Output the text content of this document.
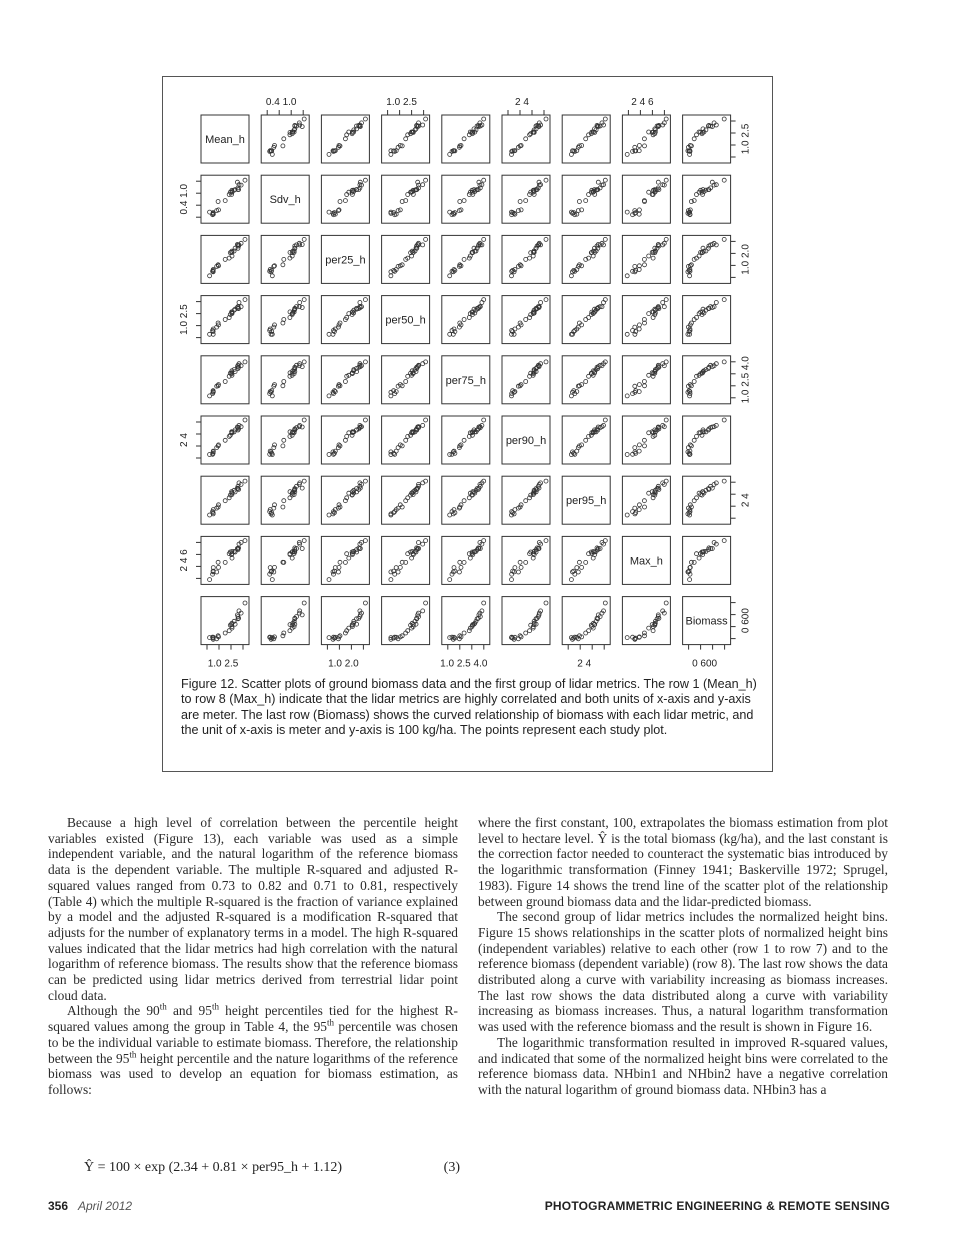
Mean_h
Sdv_h
per25_h
per50_h
per75_h
per90_h
per95_h
Max_h
Biomass
0.4 1.0	1.0 2.5	2 4	2 4 6
1.0 2.5	1.0 2.0	1.0 2.5 4.0	2 4	0 600
0.4 1.0
1.0 2.5
2 4
2 4 6
1.0 2.5
1.0 2.0
1.0 2.5 4.0
2 4
0 600
Figure 12. Scatter plots of ground biomass data and the first group of lidar metrics. The row 1 (Mean_h) to row 8 (Max_h) indicate that the lidar metrics are highly correlated and both units of x-axis and y-axis are meter. The last row (Biomass) shows the curved relationship of biomass with each lidar metric, and the unit of x-axis is meter and y-axis is 100 kg/ha. The points represent each study plot.

Because a high level of correlation between the percentile height variables existed (Figure 13), each variable was used as a simple independent variable, and the natural logarithm of the reference biomass data is the dependent variable. The multiple R-squared and adjusted R-squared values ranged from 0.73 to 0.82 and 0.71 to 0.81, respectively (Table 4) which the multiple R-squared is the fraction of variance explained by a model and the adjusted R-squared is a modification R-squared that adjusts for the number of explanatory terms in a model. The high R-squared values indicated that the lidar metrics had high correlation with the natural logarithm of reference biomass. The results show that the reference biomass can be predicted using lidar metrics derived from terrestrial lidar point cloud data.

Although the 90th and 95th height percentiles tied for the highest R-squared values among the group in Table 4, the 95th percentile was chosen to be the individual variable to estimate biomass. Therefore, the relationship between the 95th height percentile and the nature logarithms of the reference biomass was used to develop an equation for biomass estimation, as follows:

Ŷ = 100 × exp (2.34 + 0.81 × per95_h + 1.12)	(3)

where the first constant, 100, extrapolates the biomass estimation from plot level to hectare level. Ŷ is the total biomass (kg/ha), and the last constant is the correction factor needed to counteract the systematic bias introduced by the logarithmic transformation (Finney 1941; Baskerville 1972; Sprugel, 1983). Figure 14 shows the trend line of the scatter plot of the relationship between ground biomass data and the lidar-predicted biomass.

The second group of lidar metrics includes the normalized height bins. Figure 15 shows relationships in the scatter plots of normalized height bins (independent variables) relative to each other (row 1 to row 7) and to the reference biomass (dependent variable) (row 8). The last row shows the data distributed along a curve with variability increasing as biomass increases. The last row shows the data distributed along a curve with variability increasing as biomass increases. Thus, a natural logarithm transformation was used with the reference biomass and the result is shown in Figure 16.

The logarithmic transformation resulted in improved R-squared values, and indicated that some of the normalized height bins were correlated to the reference biomass data. NHbin1 and NHbin2 have a negative correlation with the natural logarithm of ground biomass data. NHbin3 has a

356 April 2012	PHOTOGRAMMETRIC ENGINEERING & REMOTE SENSING
